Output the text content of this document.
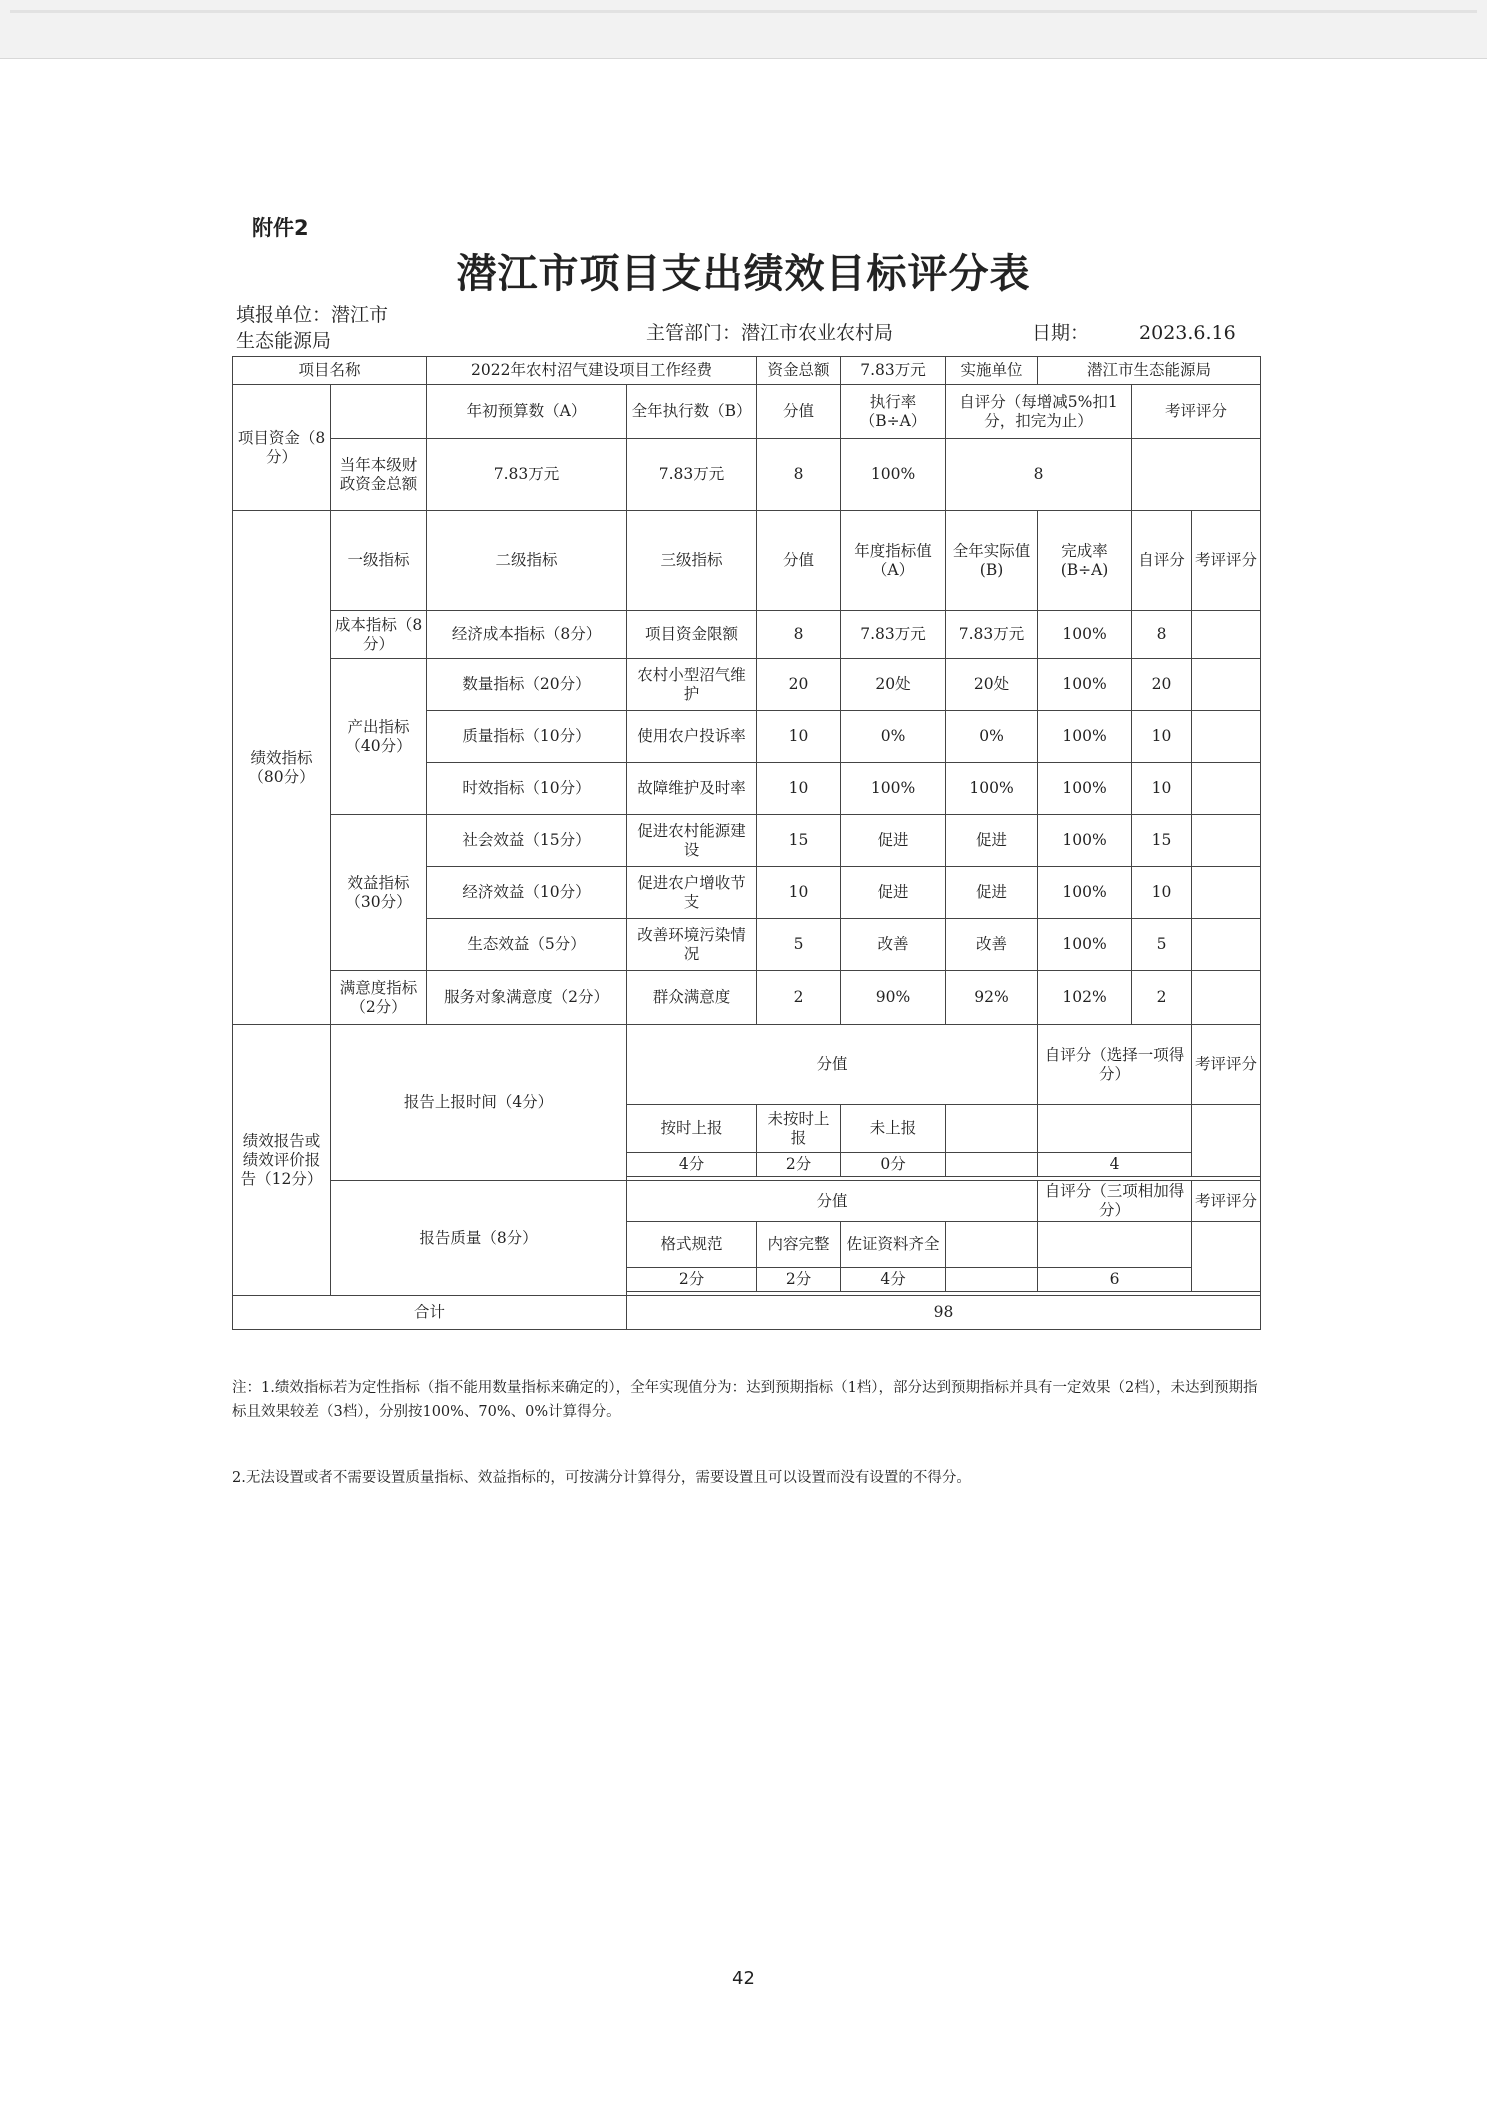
附件2
潜江市项目支出绩效目标评分表
填报单位：潜江市
生态能源局	主管部门：潜江市农业农村局	日期：	2023.6.16
项目名称		2022年农村沼气建设项目工作经费		资金总额	7.83万元	实施单位	潜江市生态能源局		
项目资金（8分）		年初预算数（A）	全年执行数（B）	分值	执行率（B÷A）	自评分（每增减5%扣1分，扣完为止）		考评评分	
	当年本级财政资金总额	7.83万元	7.83万元	8	100%	8			
绩效指标（80分）	一级指标	二级指标	三级指标	分值	年度指标值（A）	全年实际值(B)	完成率(B÷A)	自评分	考评评分
	成本指标（8分）	经济成本指标（8分）	项目资金限额	8	7.83万元	7.83万元	100%	8	
	产出指标（40分）	数量指标（20分）	农村小型沼气维护	20	20处	20处	100%	20	
		质量指标（10分）	使用农户投诉率	10	0%	0%	100%	10	
		时效指标（10分）	故障维护及时率	10	100%	100%	100%	10	
	效益指标（30分）	社会效益（15分）	促进农村能源建设	15	促进	促进	100%	15	
		经济效益（10分）	促进农户增收节支	10	促进	促进	100%	10	
		生态效益（5分）	改善环境污染情况	5	改善	改善	100%	5	
	满意度指标（2分）	服务对象满意度（2分）	群众满意度	2	90%	92%	102%	2	
绩效报告或绩效评价报告（12分）	报告上报时间（4分）		分值				自评分（选择一项得分）		考评评分
			按时上报	未按时上报	未上报				
			4分	2分	0分		4		

	报告质量（8分）		分值				自评分（三项相加得分）		考评评分
			格式规范	内容完整	佐证资料齐全				
			2分	2分	4分		6		

合计			98						
注：1.绩效指标若为定性指标（指不能用数量指标来确定的），全年实现值分为：达到预期指标（1档），部分达到预期指标并具有一定效果（2档），未达到预期指标且效果较差（3档），分别按100%、70%、0%计算得分。
2.无法设置或者不需要设置质量指标、效益指标的，可按满分计算得分，需要设置且可以设置而没有设置的不得分。
42
